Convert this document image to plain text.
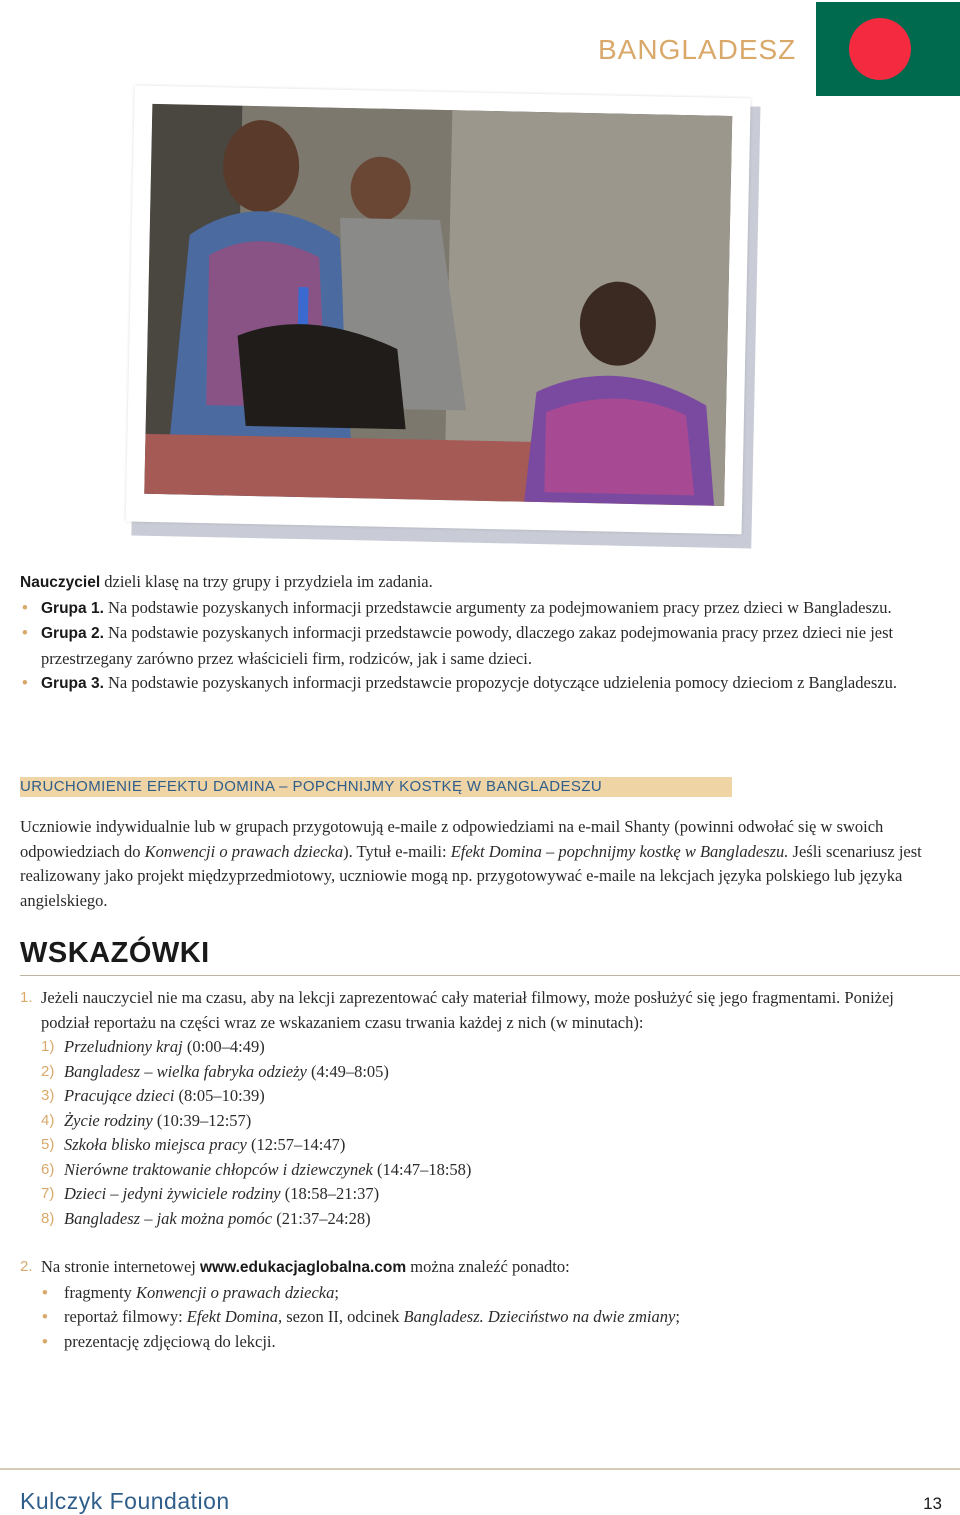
BANGLADESZ
Nauczyciel dzieli klasę na trzy grupy i przydziela im zadania.
• Grupa 1. Na podstawie pozyskanych informacji przedstawcie argumenty za podejmowaniem pracy przez dzieci w Bangladeszu.
• Grupa 2. Na podstawie pozyskanych informacji przedstawcie powody, dlaczego zakaz podejmowania pracy przez dzieci nie jest przestrzegany zarówno przez właścicieli firm, rodziców, jak i same dzieci.
• Grupa 3. Na podstawie pozyskanych informacji przedstawcie propozycje dotyczące udzielenia pomocy dzieciom z Bangladeszu.
URUCHOMIENIE EFEKTU DOMINA – POPCHNIJMY KOSTKĘ W BANGLADESZU
Uczniowie indywidualnie lub w grupach przygotowują e-maile z odpowiedziami na e-mail Shanty (powinni odwołać się w swoich odpowiedziach do Konwencji o prawach dziecka). Tytuł e-maili: Efekt Domina – popchnijmy kostkę w Bangladeszu. Jeśli scenariusz jest realizowany jako projekt międzyprzedmiotowy, uczniowie mogą np. przygotowywać e-maile na lekcjach języka polskiego lub języka angielskiego.
WSKAZÓWKI
1. Jeżeli nauczyciel nie ma czasu, aby na lekcji zaprezentować cały materiał filmowy, może posłużyć się jego fragmentami. Poniżej podział reportażu na części wraz ze wskazaniem czasu trwania każdej z nich (w minutach):
1) Przeludniony kraj (0:00–4:49)
2) Bangladesz – wielka fabryka odzieży (4:49–8:05)
3) Pracujące dzieci (8:05–10:39)
4) Życie rodziny (10:39–12:57)
5) Szkoła blisko miejsca pracy (12:57–14:47)
6) Nierówne traktowanie chłopców i dziewczynek (14:47–18:58)
7) Dzieci – jedyni żywiciele rodziny (18:58–21:37)
8) Bangladesz – jak można pomóc (21:37–24:28)
2. Na stronie internetowej www.edukacjaglobalna.com można znaleźć ponadto:
• fragmenty Konwencji o prawach dziecka;
• reportaż filmowy: Efekt Domina, sezon II, odcinek Bangladesz. Dzieciństwo na dwie zmiany;
• prezentację zdjęciową do lekcji.
Kulczyk Foundation	13
